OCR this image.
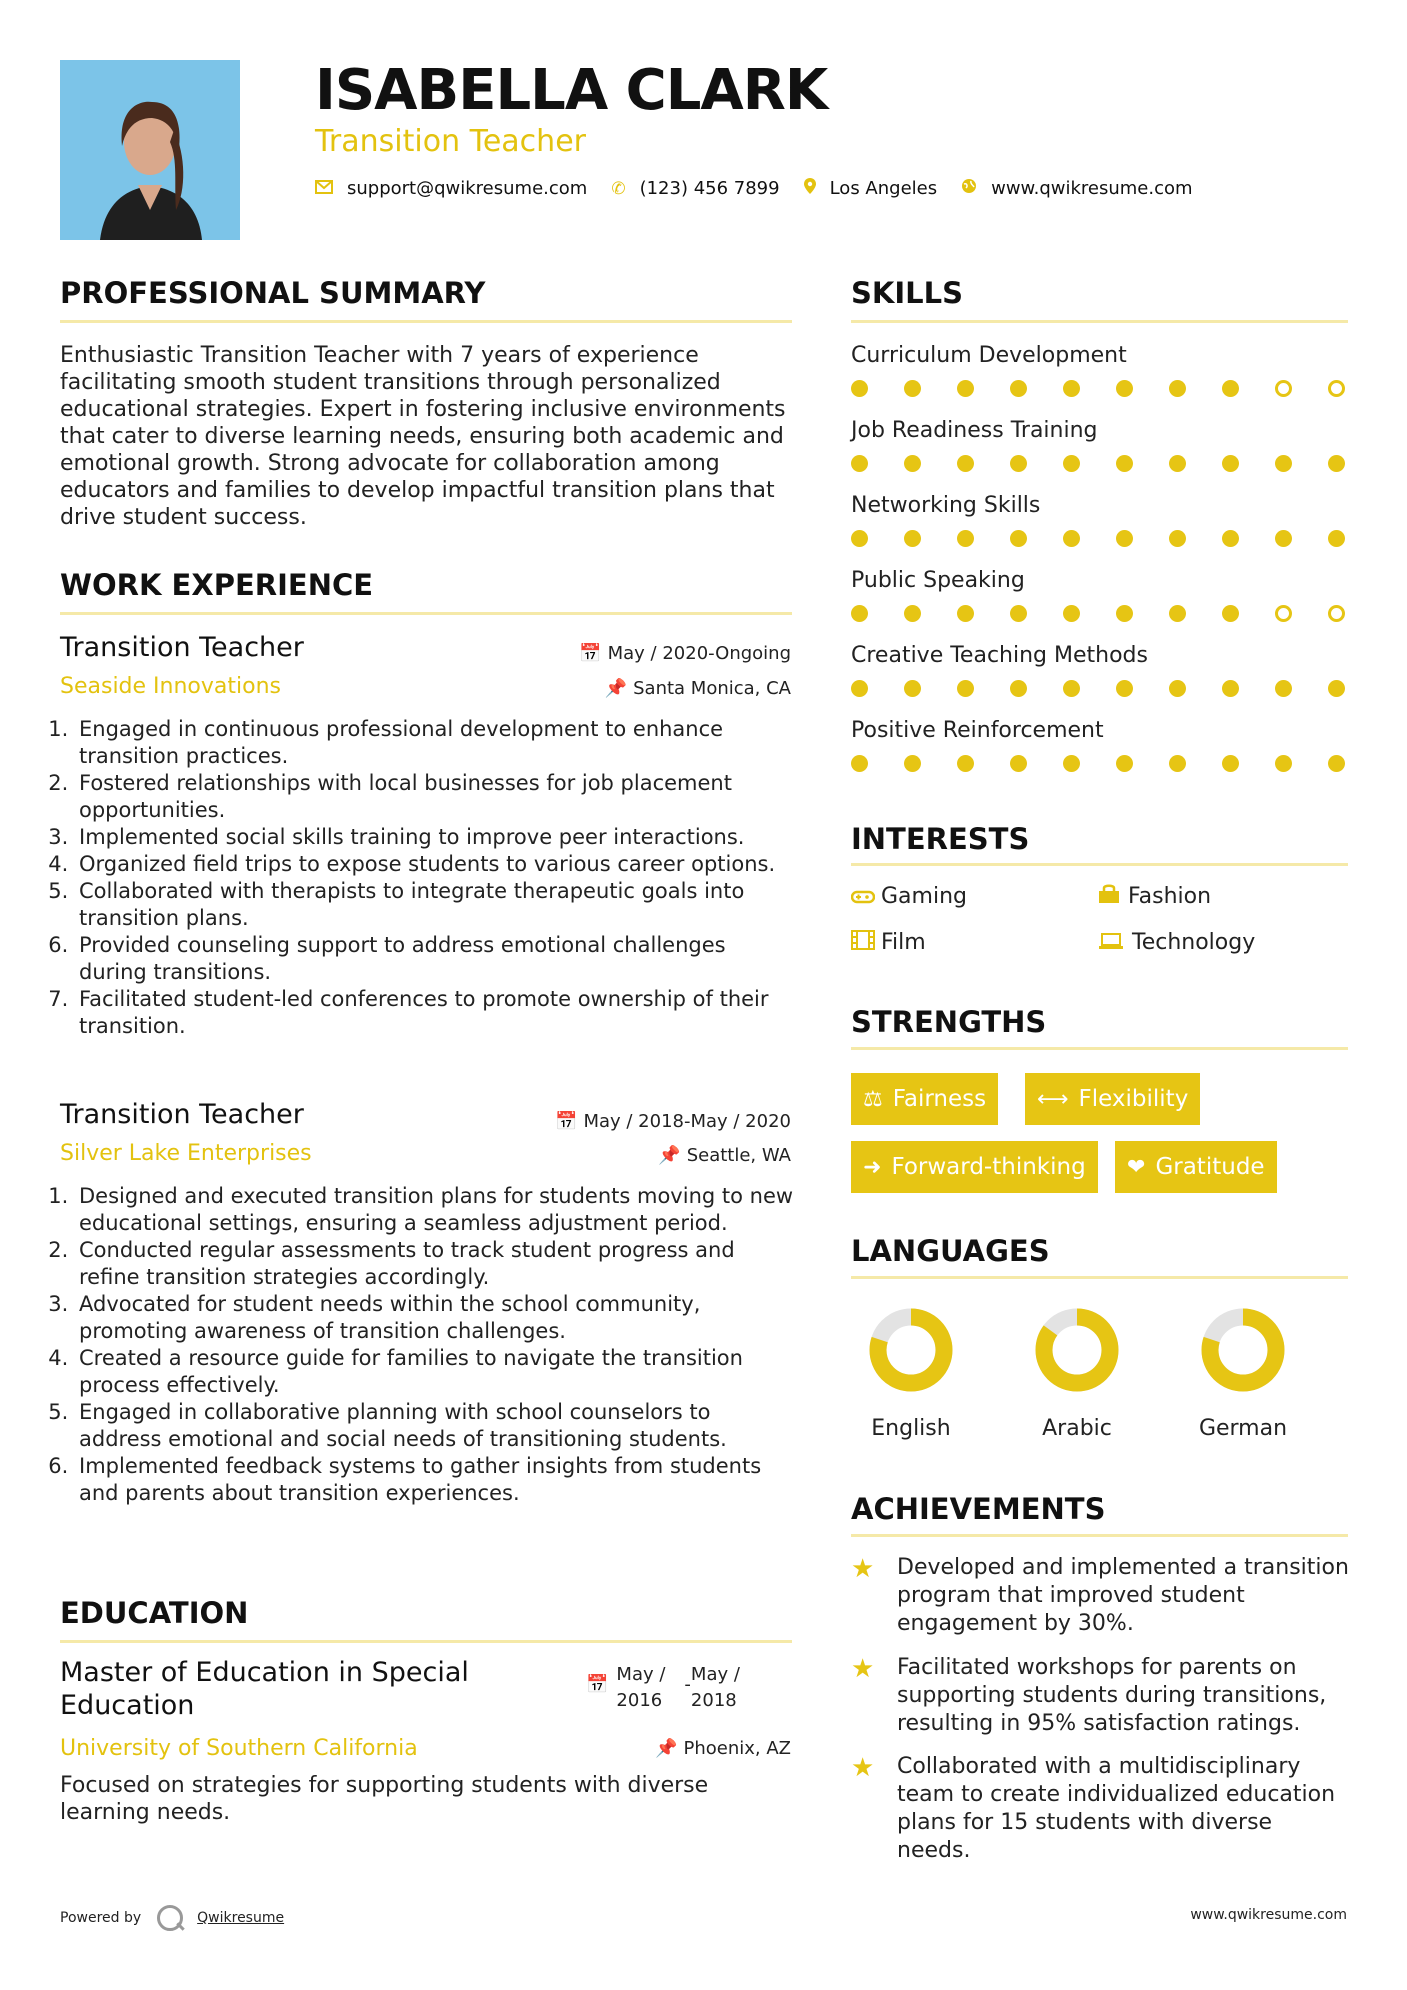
ISABELLA CLARK
Transition Teacher
support@qwikresume.com ✆ (123) 456 7899	Los Angeles	www.qwikresume.com
PROFESSIONAL SUMMARY
Enthusiastic Transition Teacher with 7 years of experience facilitating smooth student transitions through personalized educational strategies. Expert in fostering inclusive environments that cater to diverse learning needs, ensuring both academic and emotional growth. Strong advocate for collaboration among educators and families to develop impactful transition plans that drive student success.
WORK EXPERIENCE
Transition Teacher
Seaside Innovations
📅 May / 2020-Ongoing
📌 Santa Monica, CA
1. Engaged in continuous professional development to enhance transition practices.
2. Fostered relationships with local businesses for job placement opportunities.
3. Implemented social skills training to improve peer interactions.
4. Organized field trips to expose students to various career options.
5. Collaborated with therapists to integrate therapeutic goals into transition plans.
6. Provided counseling support to address emotional challenges during transitions.
7. Facilitated student-led conferences to promote ownership of their transition.
Transition Teacher
Silver Lake Enterprises
📅 May / 2018-May / 2020
📌 Seattle, WA
1. Designed and executed transition plans for students moving to new educational settings, ensuring a seamless adjustment period.
2. Conducted regular assessments to track student progress and refine transition strategies accordingly.
3. Advocated for student needs within the school community, promoting awareness of transition challenges.
4. Created a resource guide for families to navigate the transition process effectively.
5. Engaged in collaborative planning with school counselors to address emotional and social needs of transitioning students.
6. Implemented feedback systems to gather insights from students and parents about transition experiences.
EDUCATION
Master of Education in Special Education
University of Southern California
📅 May / 2016
- May / 2018
📌 Phoenix, AZ
Focused on strategies for supporting students with diverse learning needs.
SKILLS
Curriculum Development
Job Readiness Training
Networking Skills
Public Speaking
Creative Teaching Methods
Positive Reinforcement
INTERESTS
Gaming	Fashion
Film	Technology
STRENGTHS
⚖ Fairness ⟷ Flexibility
➜ Forward-thinking ❤ Gratitude
LANGUAGES
English	Arabic	German
ACHIEVEMENTS
★	Developed and implemented a transition program that improved student engagement by 30%.
★	Facilitated workshops for parents on supporting students during transitions, resulting in 95% satisfaction ratings.
★	Collaborated with a multidisciplinary team to create individualized education plans for 15 students with diverse needs.
Powered by	Qwikresume	www.qwikresume.com
